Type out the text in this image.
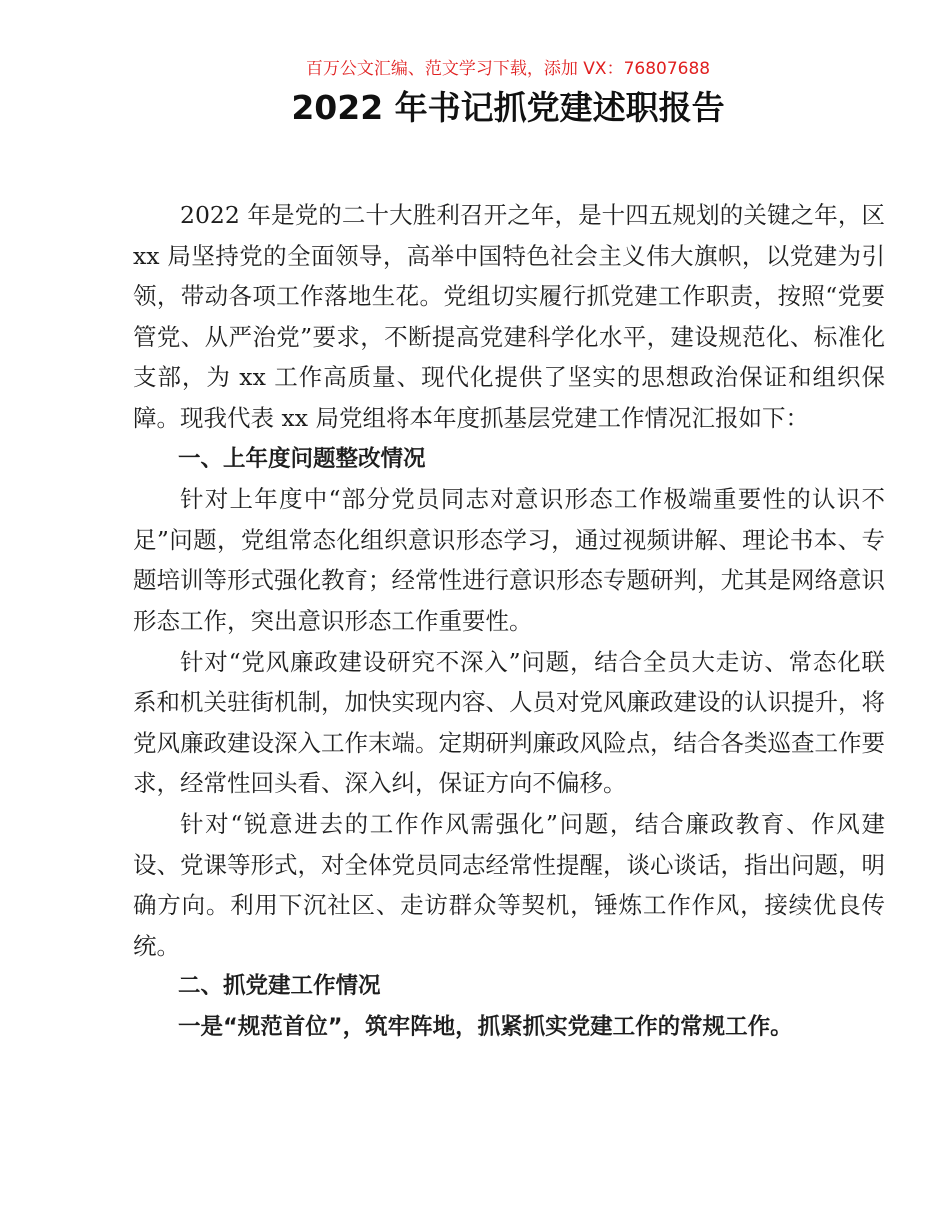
百万公文汇编、范文学习下载，添加 VX：76807688
2022 年书记抓党建述职报告

2022 年是党的二十大胜利召开之年，是十四五规划的关键之年，区 xx 局坚持党的全面领导，高举中国特色社会主义伟大旗帜，以党建为引领，带动各项工作落地生花。党组切实履行抓党建工作职责，按照“党要管党、从严治党”要求，不断提高党建科学化水平，建设规范化、标准化支部，为 xx 工作高质量、现代化提供了坚实的思想政治保证和组织保障。现我代表 xx 局党组将本年度抓基层党建工作情况汇报如下：

一、上年度问题整改情况

针对上年度中“部分党员同志对意识形态工作极端重要性的认识不足”问题，党组常态化组织意识形态学习，通过视频讲解、理论书本、专题培训等形式强化教育；经常性进行意识形态专题研判，尤其是网络意识形态工作，突出意识形态工作重要性。

针对“党风廉政建设研究不深入”问题，结合全员大走访、常态化联系和机关驻街机制，加快实现内容、人员对党风廉政建设的认识提升，将党风廉政建设深入工作末端。定期研判廉政风险点，结合各类巡查工作要求，经常性回头看、深入纠，保证方向不偏移。

针对“锐意进去的工作作风需强化”问题，结合廉政教育、作风建设、党课等形式，对全体党员同志经常性提醒，谈心谈话，指出问题，明确方向。利用下沉社区、走访群众等契机，锤炼工作作风，接续优良传统。

二、抓党建工作情况

一是“规范首位”，筑牢阵地，抓紧抓实党建工作的常规工作。
